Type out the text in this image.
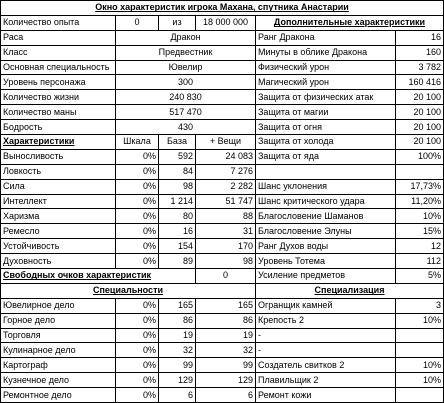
Окно характеристик игрока Махана, спутника Анастарии					
Количество опыта	0	из	18 000 000	Дополнительные характеристики	
Раса	Дракон			Ранг Дракона	16
Класс	Предвестник			Минуты в облике Дракона	160
Основная специальность	Ювелир			Физический урон	3 782
Уровень персонажа	300			Магический урон	160 416
Количество жизни	240 830			Защита от физических атак	20 100
Количество маны	517 470			Защита от магии	20 100
Бодрость	430			Защита от огня	20 100
Характеристики	Шкала	База	+ Вещи	Защита от холода	20 100
Выносливость	0%	592	24 083	Защита от яда	100%
Ловкость	0%	84	7 276		
Сила	0%	98	2 282	Шанс уклонения	17,73%
Интеллект	0%	1 214	51 747	Шанс критического удара	11,20%
Харизма	0%	80	88	Благословение Шаманов	10%
Ремесло	0%	16	31	Благословение Элуны	15%
Устойчивость	0%	154	170	Ранг Духов воды	12
Духовность	0%	89	98	Уровень Тотема	112
Свободных очков характеристик			0	Усиление предметов	5%
Специальности				Специализация	
Ювелирное дело	0%	165	165	Огранщик камней	3
Горное дело	0%	86	86	Крепость 2	10%
Торговля	0%	19	19	-	
Кулинарное дело	0%	32	32	-	
Картограф	0%	99	99	Создатель свитков 2	10%
Кузнечное дело	0%	129	129	Плавильщик 2	10%
Ремонтное дело	0%	6	6	Ремонт кожи	
